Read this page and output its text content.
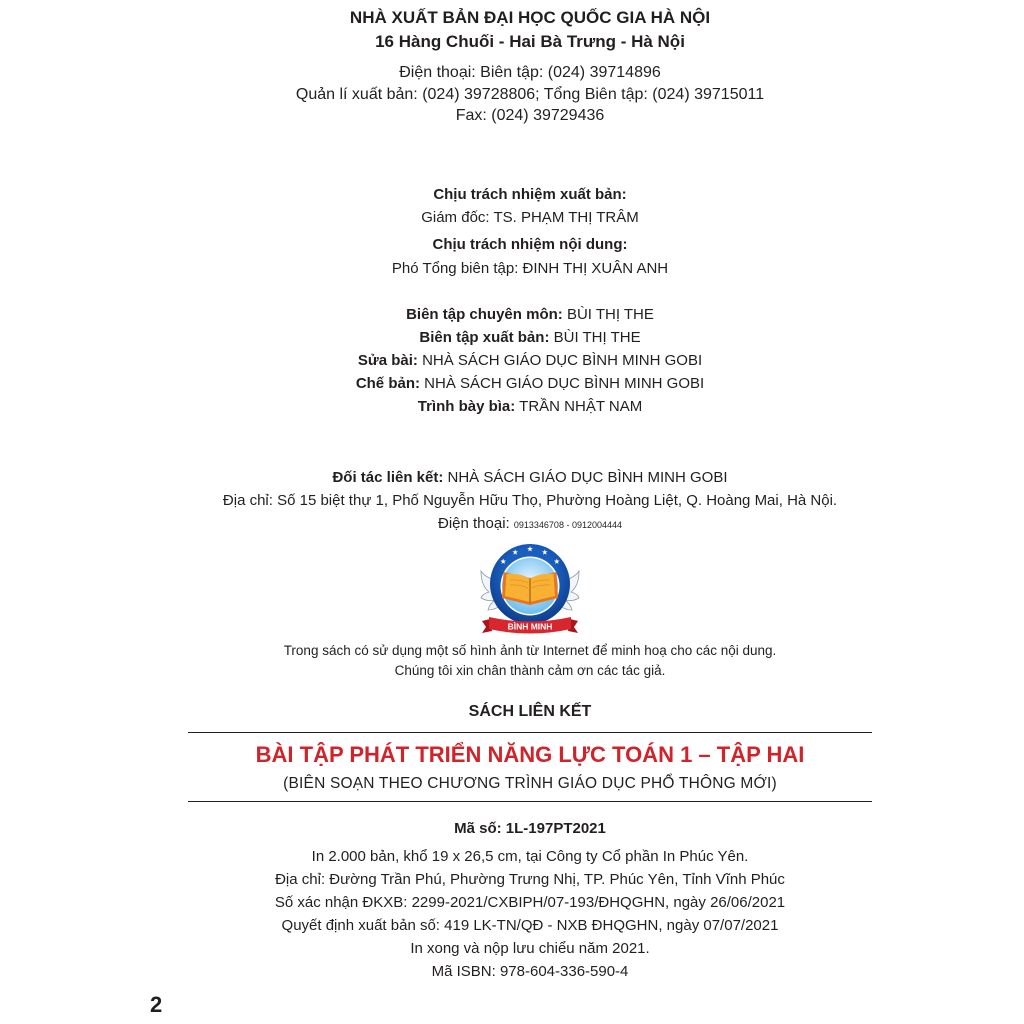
NHÀ XUẤT BẢN ĐẠI HỌC QUỐC GIA HÀ NỘI
16 Hàng Chuối - Hai Bà Trưng - Hà Nội
Điện thoại: Biên tập: (024) 39714896
Quản lí xuất bản: (024) 39728806; Tổng Biên tập: (024) 39715011
Fax: (024) 39729436
Chịu trách nhiệm xuất bản:
Giám đốc: TS. PHẠM THỊ TRÂM
Chịu trách nhiệm nội dung:
Phó Tổng biên tập: ĐINH THỊ XUÂN ANH
Biên tập chuyên môn: BÙI THỊ THE
Biên tập xuất bản: BÙI THỊ THE
Sửa bài: NHÀ SÁCH GIÁO DỤC BÌNH MINH GOBI
Chế bản: NHÀ SÁCH GIÁO DỤC BÌNH MINH GOBI
Trình bày bìa: TRẦN NHẬT NAM
Đối tác liên kết: NHÀ SÁCH GIÁO DỤC BÌNH MINH GOBI
Địa chỉ: Số 15 biệt thự 1, Phố Nguyễn Hữu Thọ, Phường Hoàng Liệt, Q. Hoàng Mai, Hà Nội.
Điện thoại: 0913346708 - 0912004444
BÌNH MINH
Trong sách có sử dụng một số hình ảnh từ Internet để minh hoạ cho các nội dung.
Chúng tôi xin chân thành cảm ơn các tác giả.
SÁCH LIÊN KẾT
BÀI TẬP PHÁT TRIỂN NĂNG LỰC TOÁN 1 – TẬP HAI
(BIÊN SOẠN THEO CHƯƠNG TRÌNH GIÁO DỤC PHỔ THÔNG MỚI)
Mã số: 1L-197PT2021
In 2.000 bản, khổ 19 x 26,5 cm, tại Công ty Cổ phần In Phúc Yên.
Địa chỉ: Đường Trần Phú, Phường Trưng Nhị, TP. Phúc Yên, Tỉnh Vĩnh Phúc
Số xác nhận ĐKXB: 2299-2021/CXBIPH/07-193/ĐHQGHN, ngày 26/06/2021
Quyết định xuất bản số: 419 LK-TN/QĐ - NXB ĐHQGHN, ngày 07/07/2021
In xong và nộp lưu chiểu năm 2021.
Mã ISBN: 978-604-336-590-4
2
